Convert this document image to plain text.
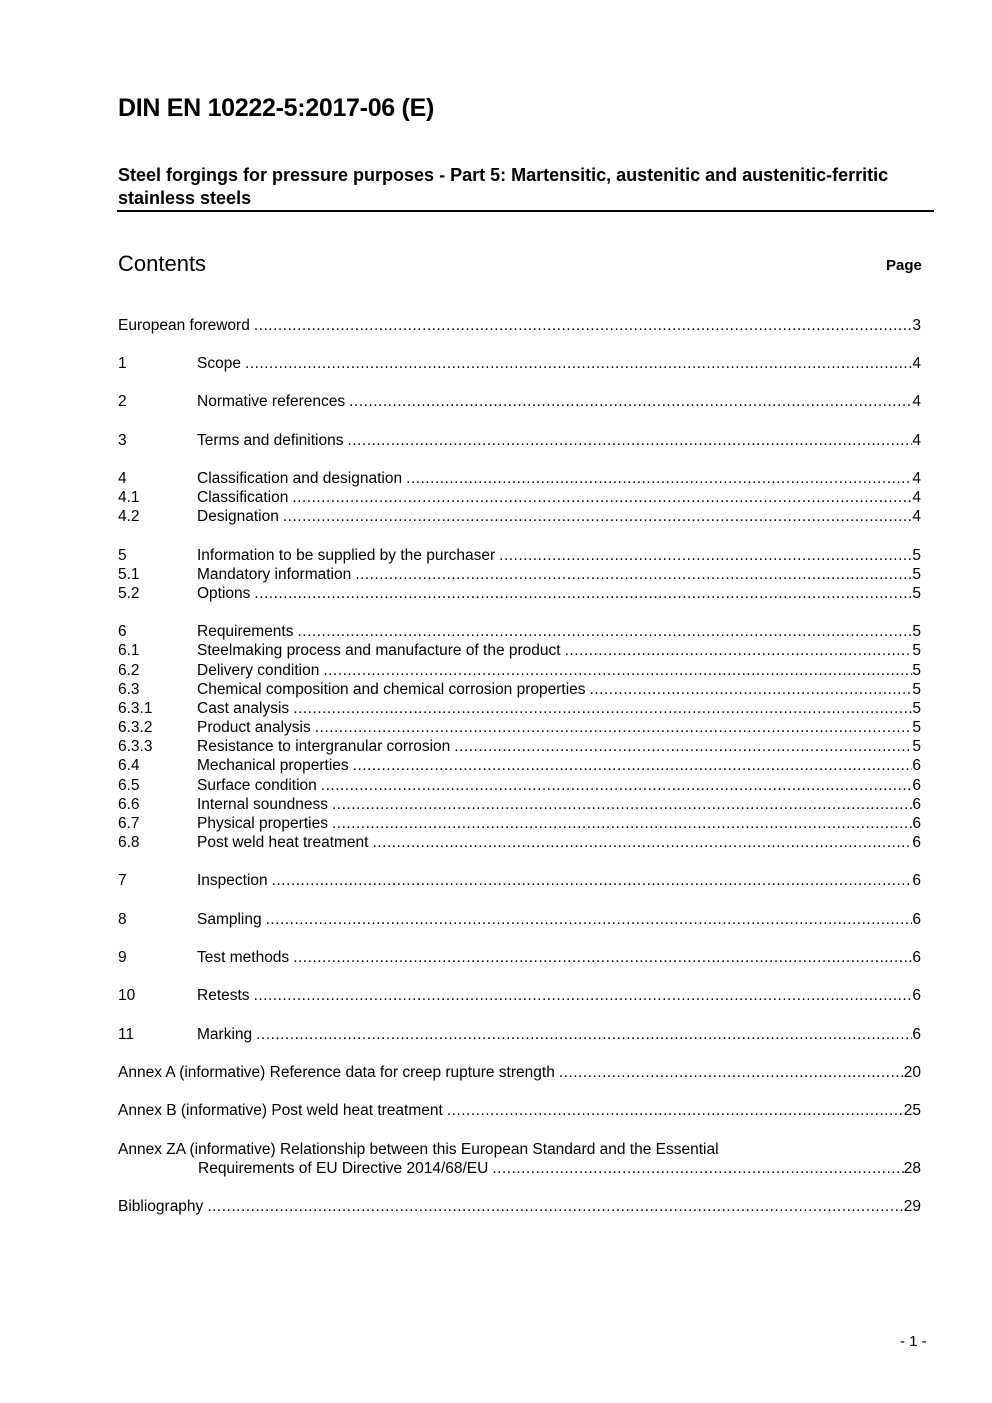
DIN EN 10222-5:2017-06 (E)
Steel forgings for pressure purposes - Part 5: Martensitic, austenitic and austenitic-ferritic stainless steels
Contents	Page
European foreword .....	3
1	Scope .....	4
2	Normative references .....	4
3	Terms and definitions .....	4
4	Classification and designation .....	4
4.1	Classification .....	4
4.2	Designation .....	4
5	Information to be supplied by the purchaser .....	5
5.1	Mandatory information .....	5
5.2	Options .....	5
6	Requirements .....	5
6.1	Steelmaking process and manufacture of the product .....	5
6.2	Delivery condition .....	5
6.3	Chemical composition and chemical corrosion properties .....	5
6.3.1	Cast analysis .....	5
6.3.2	Product analysis .....	5
6.3.3	Resistance to intergranular corrosion .....	5
6.4	Mechanical properties .....	6
6.5	Surface condition .....	6
6.6	Internal soundness .....	6
6.7	Physical properties .....	6
6.8	Post weld heat treatment .....	6
7	Inspection .....	6
8	Sampling .....	6
9	Test methods .....	6
10	Retests .....	6
11	Marking .....	6
Annex A (informative) Reference data for creep rupture strength .....	20
Annex B (informative) Post weld heat treatment .....	25
Annex ZA (informative) Relationship between this European Standard and the Essential
Requirements of EU Directive 2014/68/EU .....	28
Bibliography .....	29
- 1 -
